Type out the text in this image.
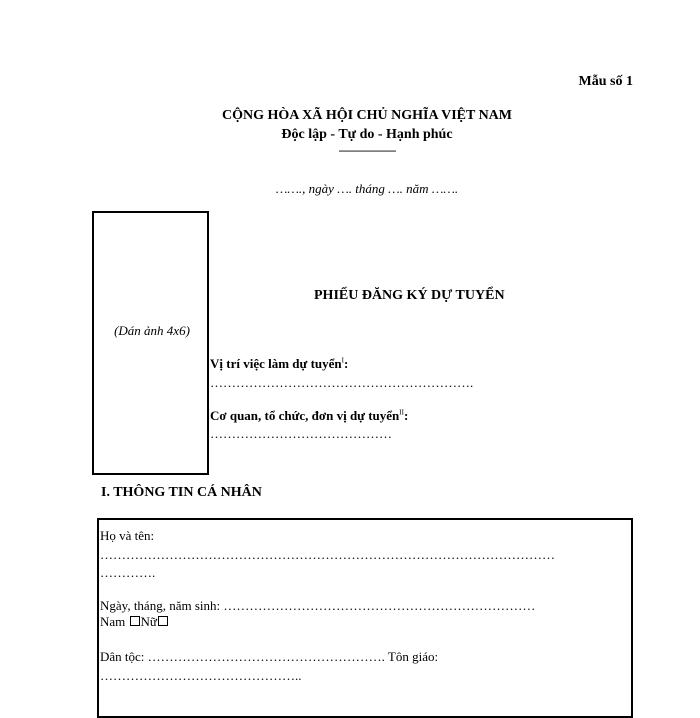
Mẫu số 1
CỘNG HÒA XÃ HỘI CHỦ NGHĨA VIỆT NAM
Độc lập - Tự do - Hạnh phúc
-------------------
……., ngày …. tháng …. năm …….
(Dán ảnh 4x6)
PHIẾU ĐĂNG KÝ DỰ TUYỂN
Vị trí việc làm dự tuyển$^I$:
…………………………………………………….
Cơ quan, tổ chức, đơn vị dự tuyển$^{II}$:
……………………………………
I. THÔNG TIN CÁ NHÂN
Họ và tên:
……………………………………………………………………………………………
………….
Ngày, tháng, năm sinh: ………………………………………………………………
Nam Nữ
Dân tộc: ………………………………………………. Tôn giáo:
………………………………………..
